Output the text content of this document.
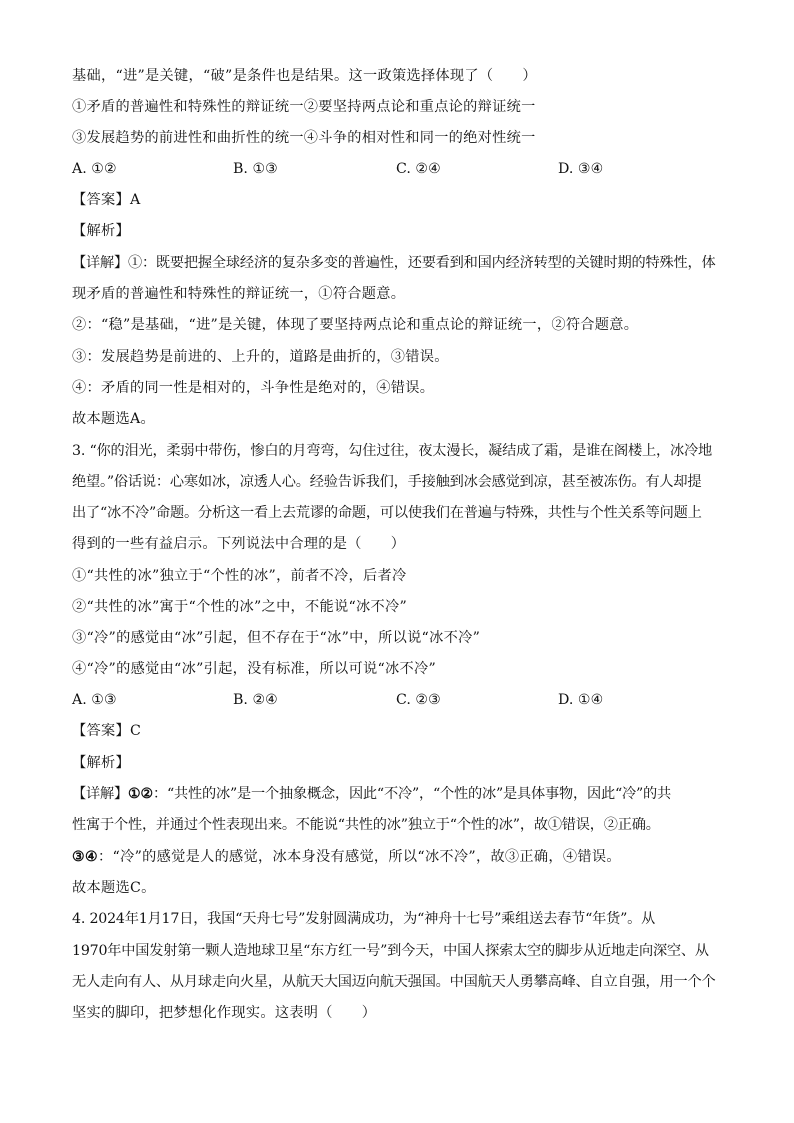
基础，“进”是关键，“破”是条件也是结果。这一政策选择体现了（　　）
①矛盾的普遍性和特殊性的辩证统一②要坚持两点论和重点论的辩证统一
③发展趋势的前进性和曲折性的统一④斗争的相对性和同一的绝对性统一
A. ①②	B. ①③	C. ②④	D. ③④
【答案】A
【解析】
【详解】①：既要把握全球经济的复杂多变的普遍性，还要看到和国内经济转型的关键时期的特殊性，体
现矛盾的普遍性和特殊性的辩证统一，①符合题意。
②：“稳”是基础，“进”是关键，体现了要坚持两点论和重点论的辩证统一，②符合题意。
③：发展趋势是前进的、上升的，道路是曲折的，③错误。
④：矛盾的同一性是相对的，斗争性是绝对的，④错误。
故本题选A。
3. “你的泪光，柔弱中带伤，惨白的月弯弯，勾住过往，夜太漫长，凝结成了霜，是谁在阁楼上，冰冷地
绝望。”俗话说：心寒如冰，凉透人心。经验告诉我们，手接触到冰会感觉到凉，甚至被冻伤。有人却提
出了“冰不冷”命题。分析这一看上去荒谬的命题，可以使我们在普遍与特殊，共性与个性关系等问题上
得到的一些有益启示。下列说法中合理的是（　　）
①“共性的冰”独立于“个性的冰”，前者不冷，后者冷
②“共性的冰”寓于“个性的冰”之中，不能说“冰不冷”
③“冷”的感觉由“冰”引起，但不存在于“冰”中，所以说“冰不冷”
④“冷”的感觉由“冰”引起，没有标准，所以可说“冰不冷”
A. ①③	B. ②④	C. ②③	D. ①④
【答案】C
【解析】
【详解】①②：“共性的冰”是一个抽象概念，因此“不冷”，“个性的冰”是具体事物，因此“冷”的共
性寓于个性，并通过个性表现出来。不能说“共性的冰”独立于“个性的冰”，故①错误，②正确。
③④：“冷”的感觉是人的感觉，冰本身没有感觉，所以“冰不冷”，故③正确，④错误。
故本题选C。
4. 2024年1月17日，我国“天舟七号”发射圆满成功，为“神舟十七号”乘组送去春节“年货”。从
1970年中国发射第一颗人造地球卫星“东方红一号”到今天，中国人探索太空的脚步从近地走向深空、从
无人走向有人、从月球走向火星，从航天大国迈向航天强国。中国航天人勇攀高峰、自立自强，用一个个
坚实的脚印，把梦想化作现实。这表明（　　）
